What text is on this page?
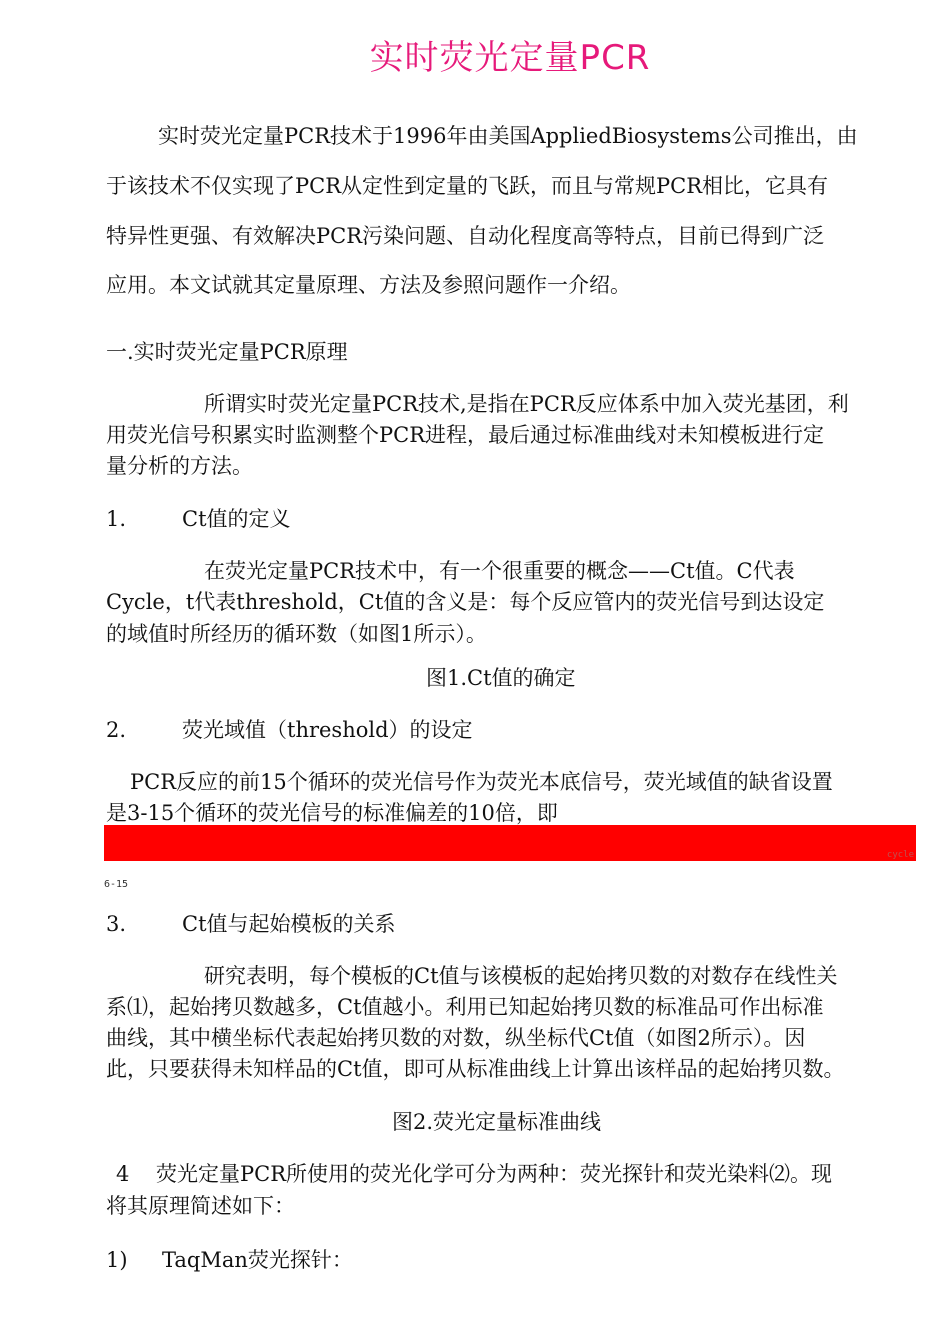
实时荧光定量PCR
实时荧光定量PCR技术于1996年由美国AppliedBiosystems公司推出，由
于该技术不仅实现了PCR从定性到定量的飞跃，而且与常规PCR相比，它具有
特异性更强、有效解决PCR污染问题、自动化程度高等特点，目前已得到广泛
应用。本文试就其定量原理、方法及参照问题作一介绍。
一.实时荧光定量PCR原理
所谓实时荧光定量PCR技术,是指在PCR反应体系中加入荧光基团，利
用荧光信号积累实时监测整个PCR进程，最后通过标准曲线对未知模板进行定
量分析的方法。
1.	Ct值的定义
在荧光定量PCR技术中，有一个很重要的概念——Ct值。C代表
Cycle，t代表threshold，Ct值的含义是：每个反应管内的荧光信号到达设定
的域值时所经历的循环数（如图1所示）。
图1.Ct值的确定
2.	荧光域值（threshold）的设定
PCR反应的前15个循环的荧光信号作为荧光本底信号，荧光域值的缺省设置
是3-15个循环的荧光信号的标准偏差的10倍，即
cycle
6-15
3.	Ct值与起始模板的关系
研究表明，每个模板的Ct值与该模板的起始拷贝数的对数存在线性关
系⑴，起始拷贝数越多，Ct值越小。利用已知起始拷贝数的标准品可作出标准
曲线，其中横坐标代表起始拷贝数的对数，纵坐标代Ct值（如图2所示）。因
此，只要获得未知样品的Ct值，即可从标准曲线上计算出该样品的起始拷贝数。
图2.荧光定量标准曲线
4 荧光定量PCR所使用的荧光化学可分为两种：荧光探针和荧光染料⑵。现
将其原理简述如下：
1) TaqMan荧光探针：
